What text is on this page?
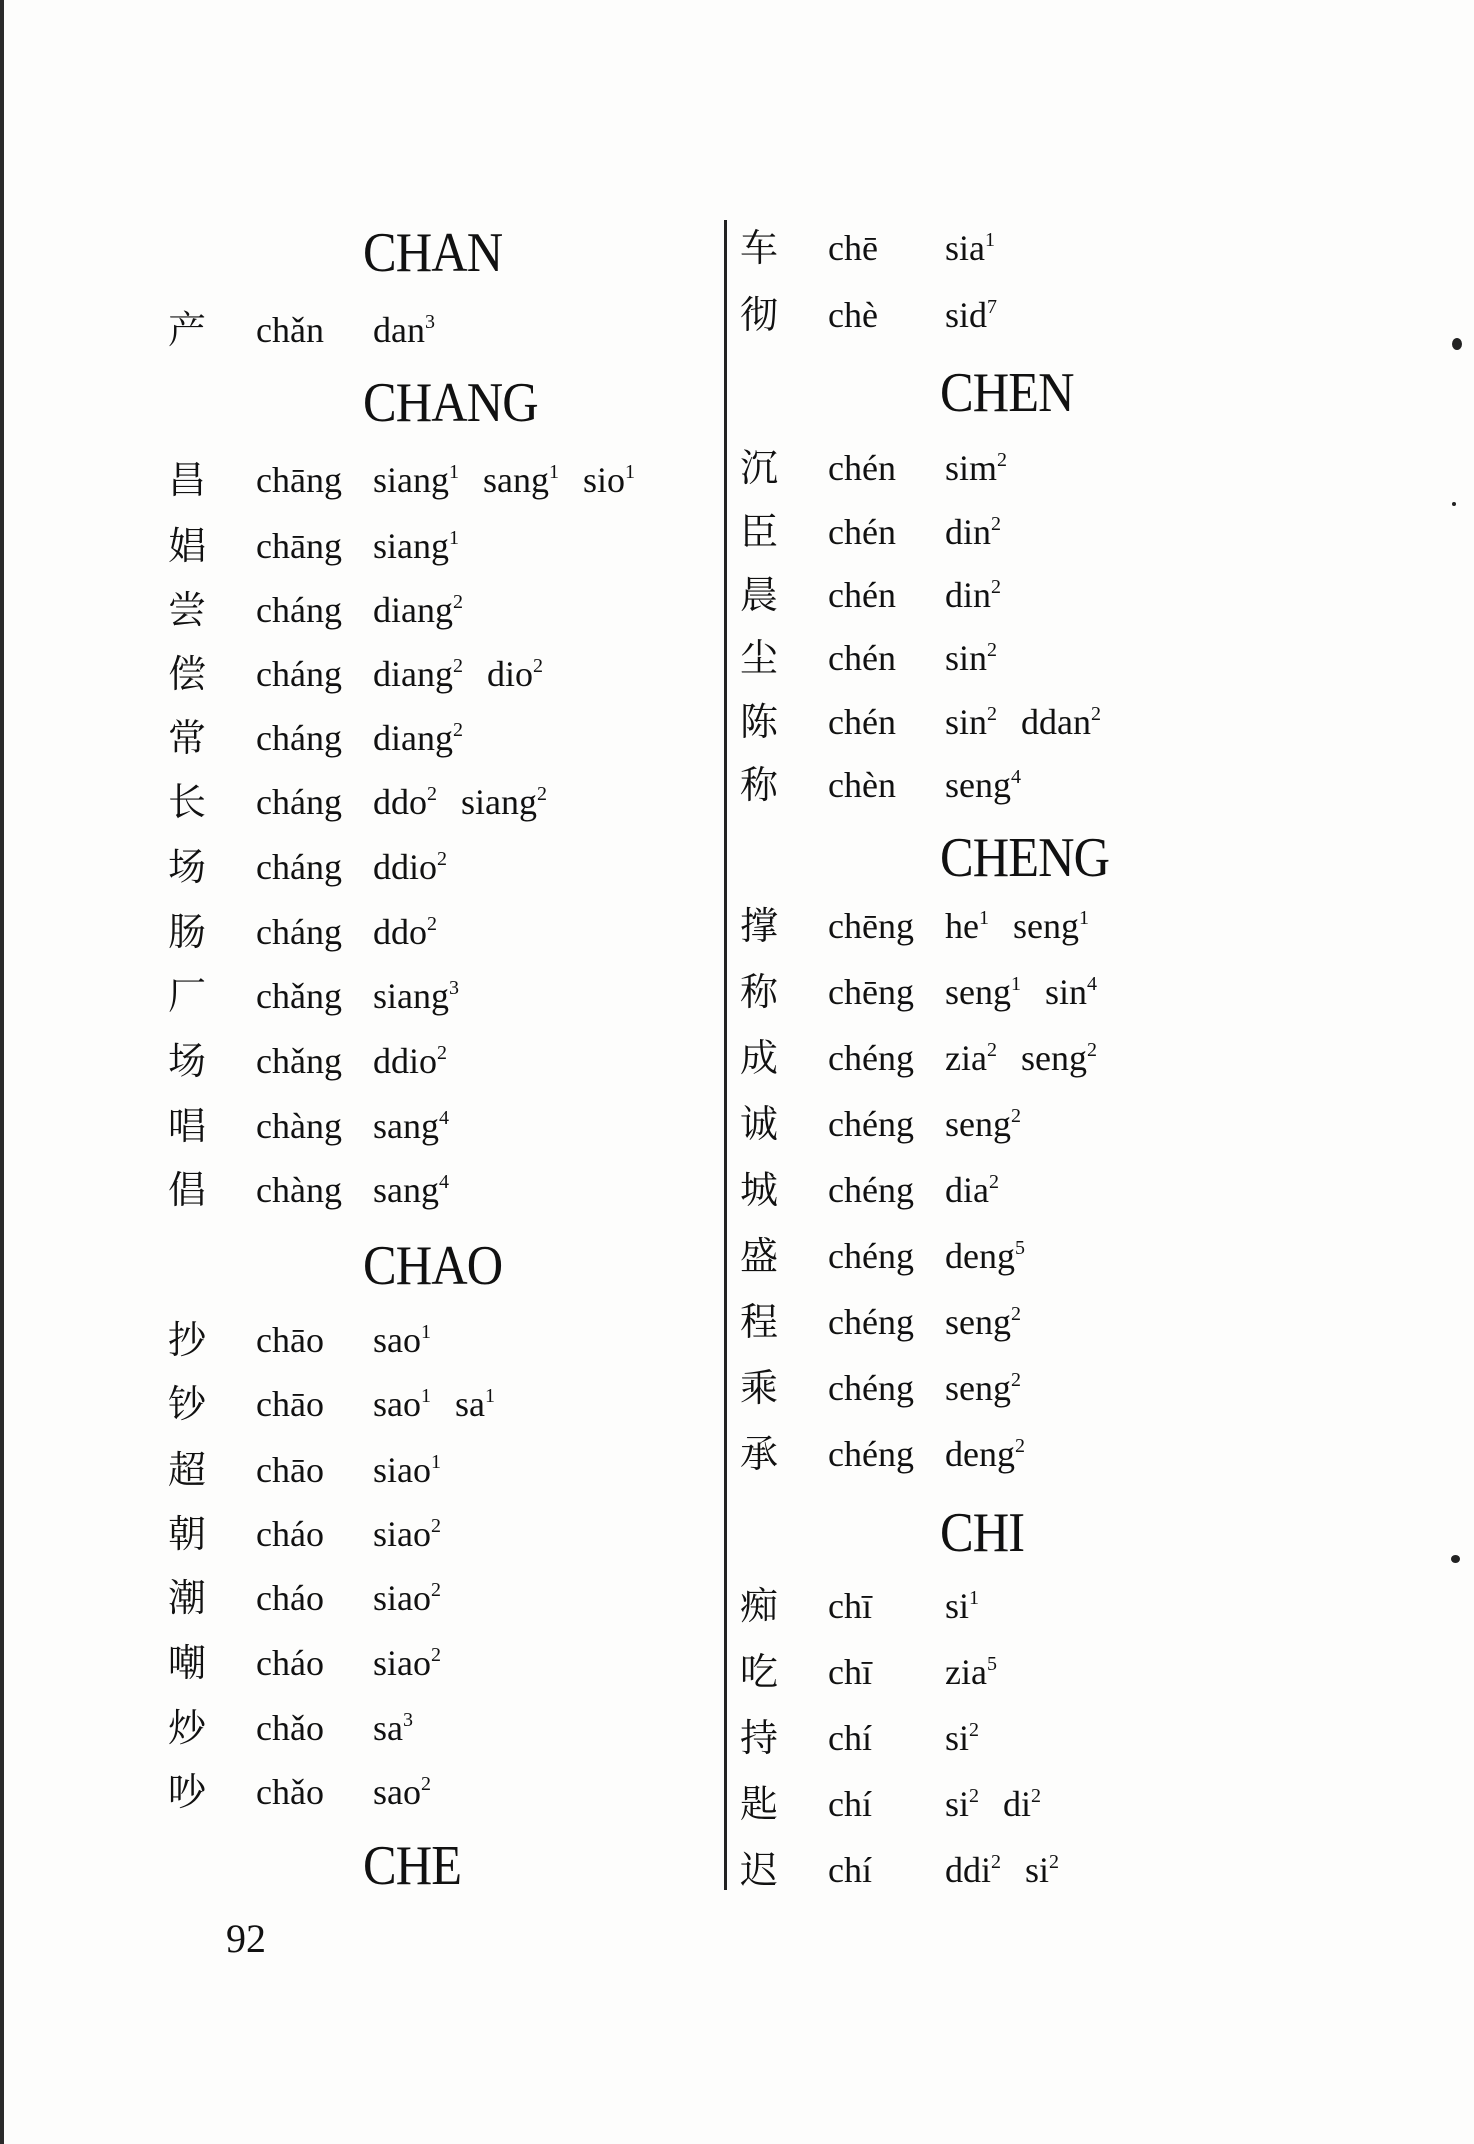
CHAN
产 chǎn dan$^3$
CHANG
昌 chāng siang$^1$ sang$^1$ sio$^1$
娼 chāng siang$^1$
尝 cháng diang$^2$
偿 cháng diang$^2$ dio$^2$
常 cháng diang$^2$
长 cháng ddo$^2$ siang$^2$
场 cháng ddio$^2$
肠 cháng ddo$^2$
厂 chǎng siang$^3$
场 chǎng ddio$^2$
唱 chàng sang$^4$
倡 chàng sang$^4$
CHAO
抄 chāo sao$^1$
钞 chāo sao$^1$ $sa^1$
超 chāo siao$^1$
朝 cháo siao$^2$
潮 cháo siao$^2$
嘲 cháo siao$^2$
炒 chǎo $sa^3$
吵 chǎo sao$^2$
CHE
车 chē sia$^1$
彻 chè sid$^7$
CHEN
沉 chén sim$^2$
臣 chén din$^2$
晨 chén din$^2$
尘 chén $\sin^2$
陈 chén $\sin^2$ ddan$^2$
称 chèn seng$^4$
CHENG
撑 chēng $he^1$ seng$^1$
称 chēng seng$^1$ $\sin^4$
成 chéng zia$^2$ seng$^2$
诚 chéng seng$^2$
城 chéng dia$^2$
盛 chéng deng$^5$
程 chéng seng$^2$
乘 chéng seng$^2$
承 chéng deng$^2$
CHI
痴 chī $si^1$
吃 chī zia$^5$
持 chí $si^2$
匙 chí $si^2$ $di^2$
迟 chí ddi$^2$ $si^2$
92
